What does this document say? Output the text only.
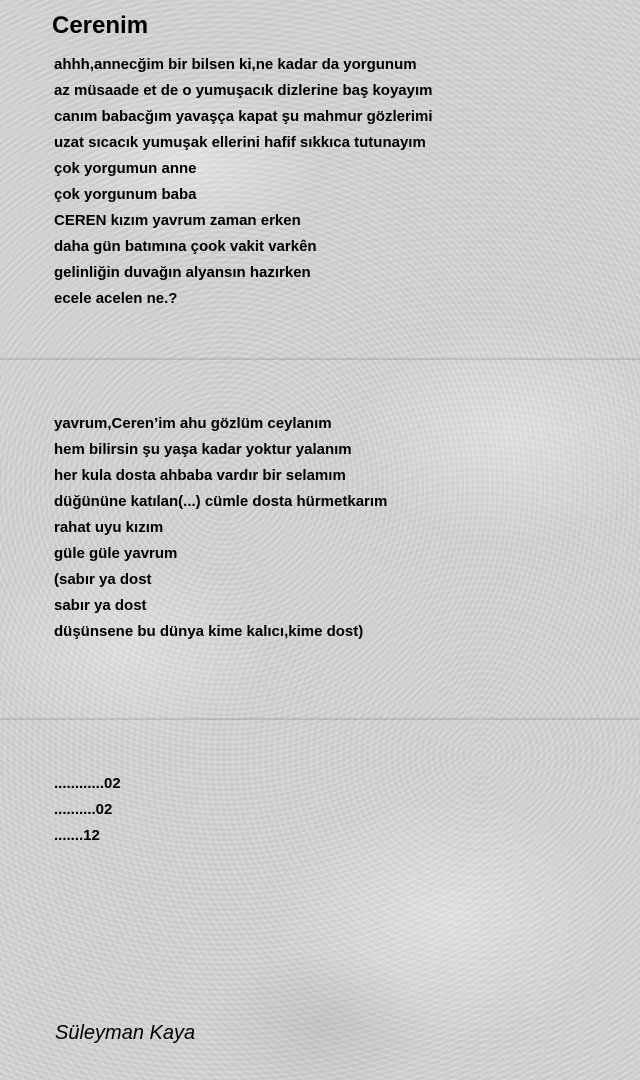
Cerenim
ahhh,annecğim bir bilsen ki,ne kadar da yorgunum
az müsaade et de o yumuşacık dizlerine baş koyayım
canım babacğım yavaşça kapat şu mahmur gözlerimi
uzat sıcacık yumuşak ellerini hafif sıkkıca tutunayım
çok yorgumun anne
çok yorgunum baba
CEREN kızım yavrum zaman erken
daha gün batımına çook vakit varkên
gelinliğin duvağın alyansın hazırken
ecele acelen ne.?
yavrum,Ceren’im ahu gözlüm ceylanım
hem bilirsin şu yaşa kadar yoktur yalanım
her kula dosta ahbaba vardır bir selamım
düğününe katılan(...) cümle dosta hürmetkarım
rahat uyu kızım
güle güle yavrum
(sabır ya dost
sabır ya dost
düşünsene bu dünya kime kalıcı,kime dost)
............02
..........02
.......12
Süleyman Kaya
